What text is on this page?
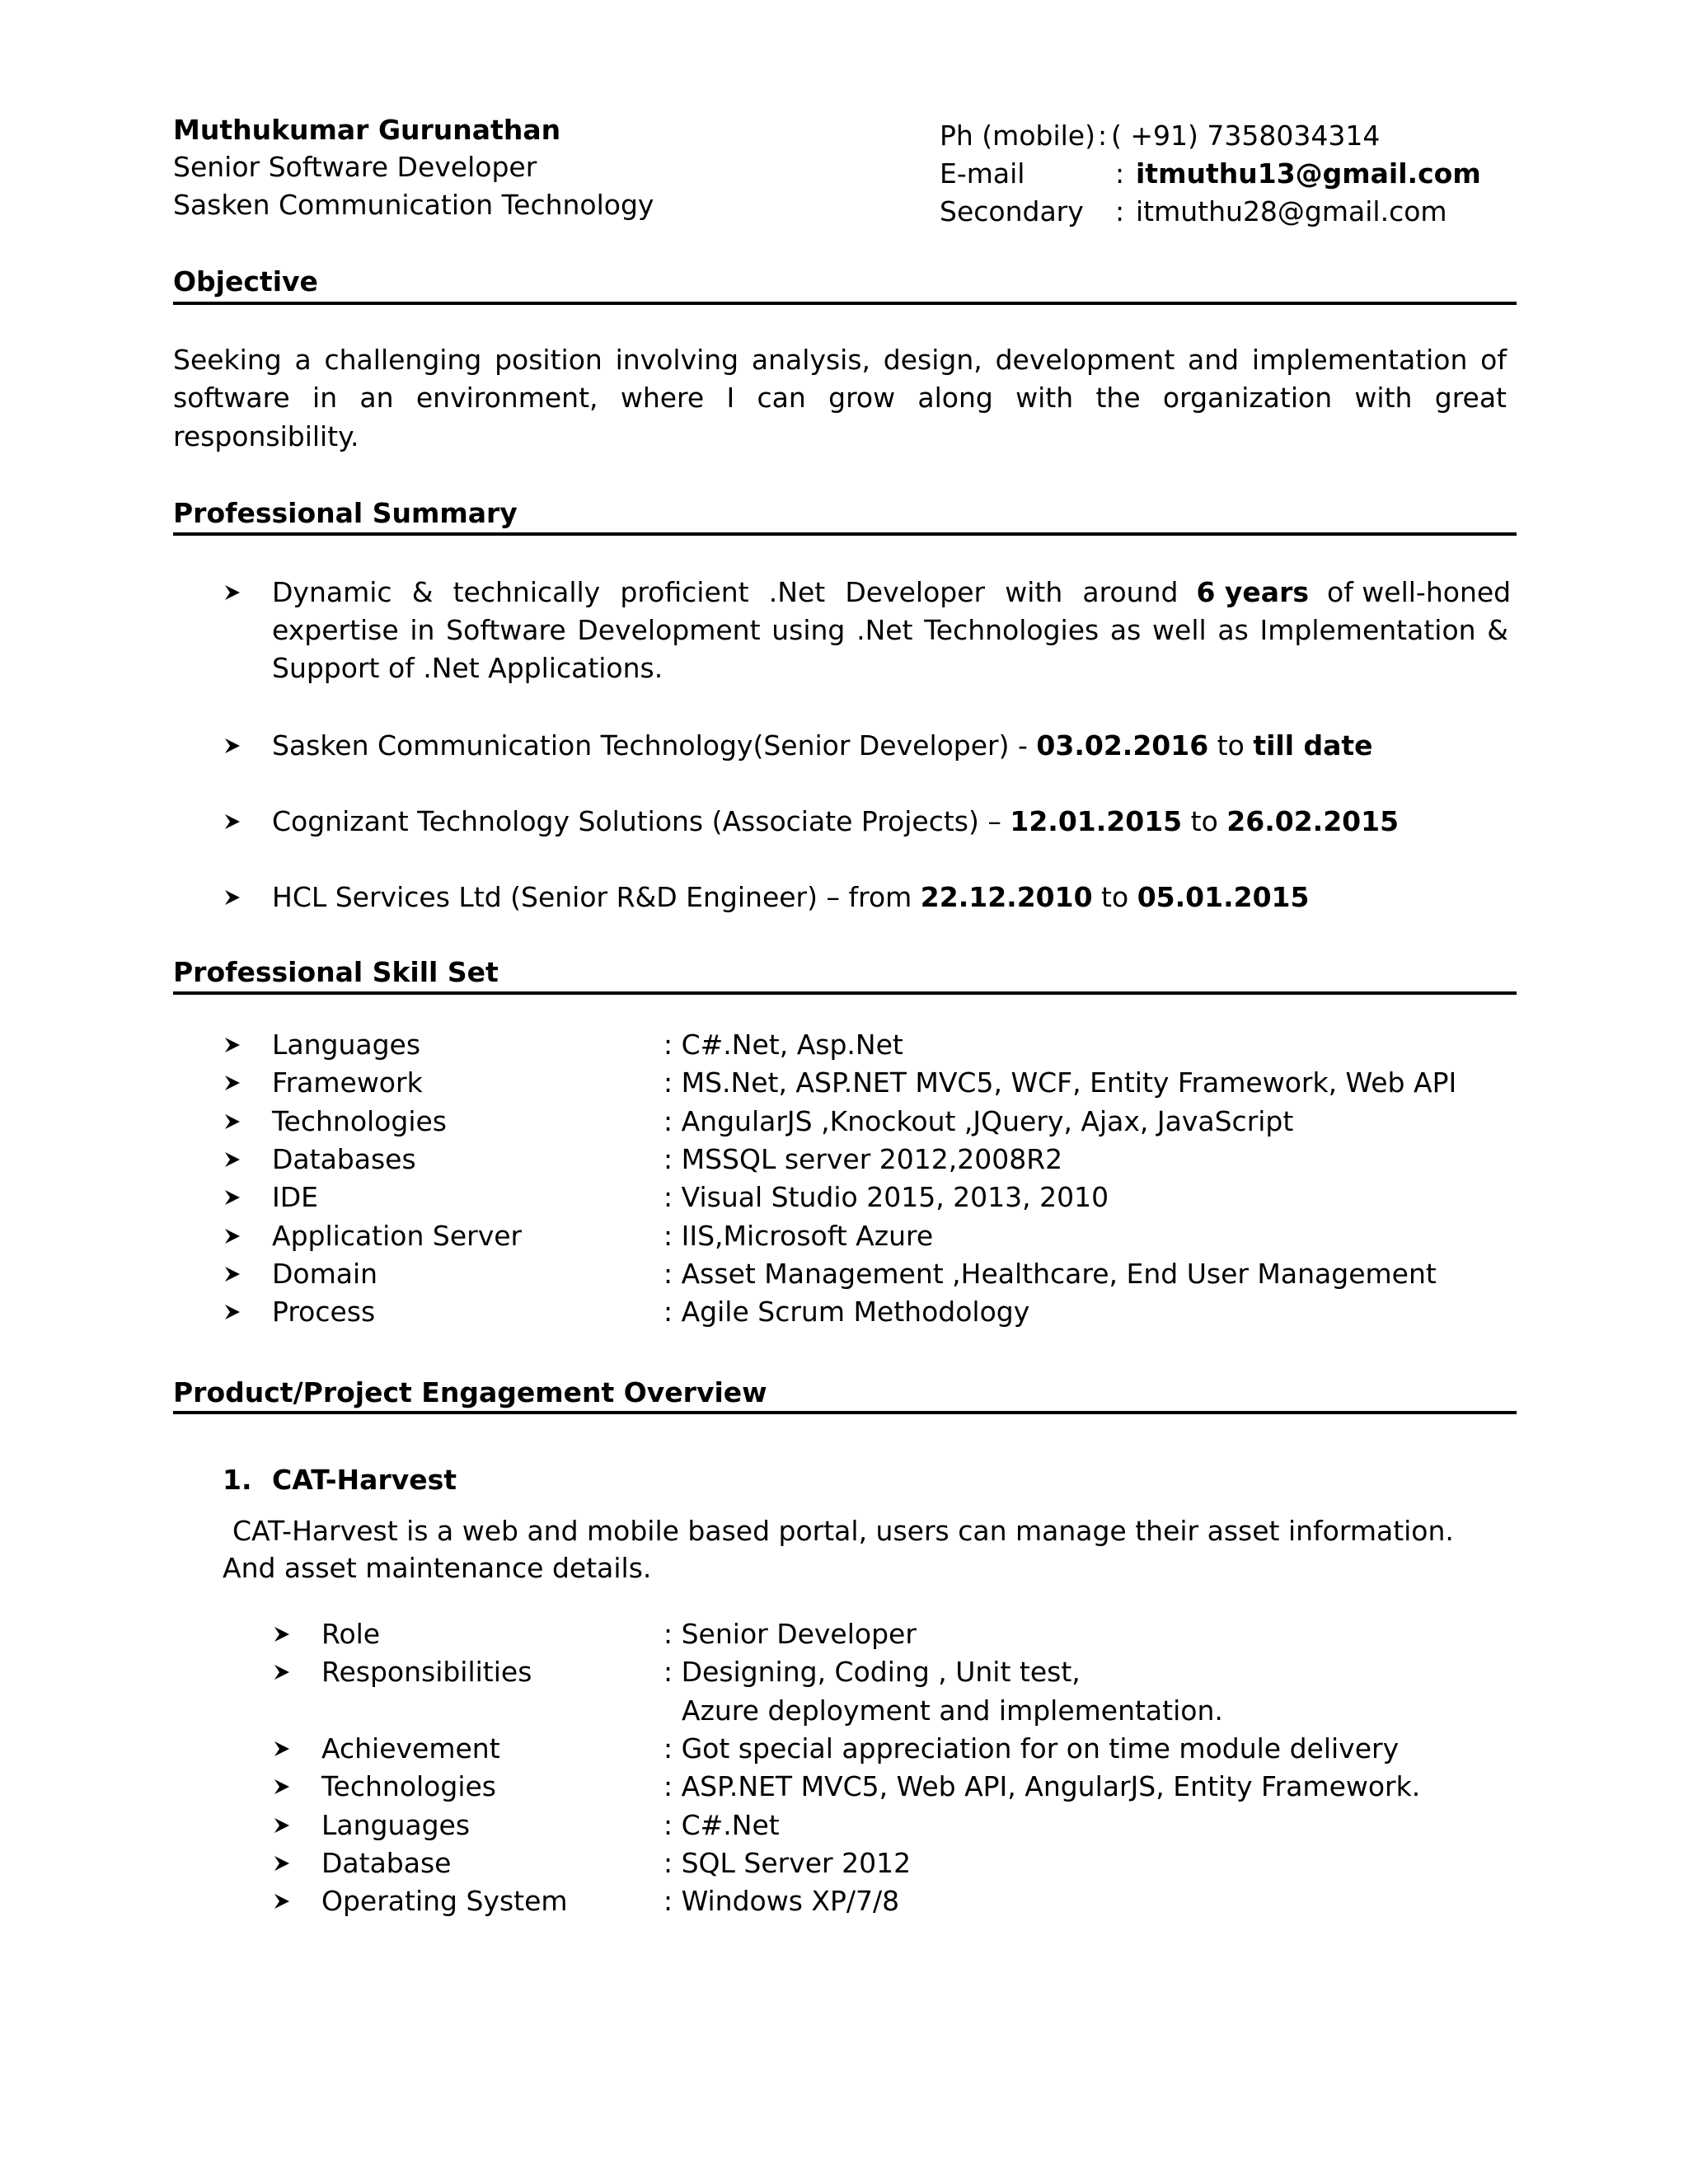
Muthukumar Gurunathan
Senior Software Developer
Sasken Communication Technology
Ph (mobile) : ( +91) 7358034314
E-mail	: itmuthu13@gmail.com
Secondary : itmuthu28@gmail.com
Objective
Seeking a challenging position involving analysis, design, development and implementation of
software in an environment, where I can grow along with the organization with great
responsibility.
Professional Summary
Dynamic & technically proficient .Net Developer with around 6 years of well-honed
expertise in Software Development using .Net Technologies as well as Implementation &
Support of .Net Applications.
Sasken Communication Technology(Senior Developer) - 03.02.2016 to till date
Cognizant Technology Solutions (Associate Projects) – 12.01.2015 to 26.02.2015
HCL Services Ltd (Senior R&D Engineer) – from 22.12.2010 to 05.01.2015
Professional Skill Set
Languages	: C#.Net, Asp.Net
Framework	: MS.Net, ASP.NET MVC5, WCF, Entity Framework, Web API
Technologies	: AngularJS ,Knockout ,JQuery, Ajax, JavaScript
Databases	: MSSQL server 2012,2008R2
IDE	: Visual Studio 2015, 2013, 2010
Application Server	: IIS,Microsoft Azure
Domain	: Asset Management ,Healthcare, End User Management
Process	: Agile Scrum Methodology
Product/Project Engagement Overview
1. CAT-Harvest
CAT-Harvest is a web and mobile based portal, users can manage their asset information.
And asset maintenance details.
Role	: Senior Developer
Responsibilities	: Designing, Coding , Unit test,
Azure deployment and implementation.
Achievement	: Got special appreciation for on time module delivery
Technologies	: ASP.NET MVC5, Web API, AngularJS, Entity Framework.
Languages	: C#.Net
Database	: SQL Server 2012
Operating System	: Windows XP/7/8
